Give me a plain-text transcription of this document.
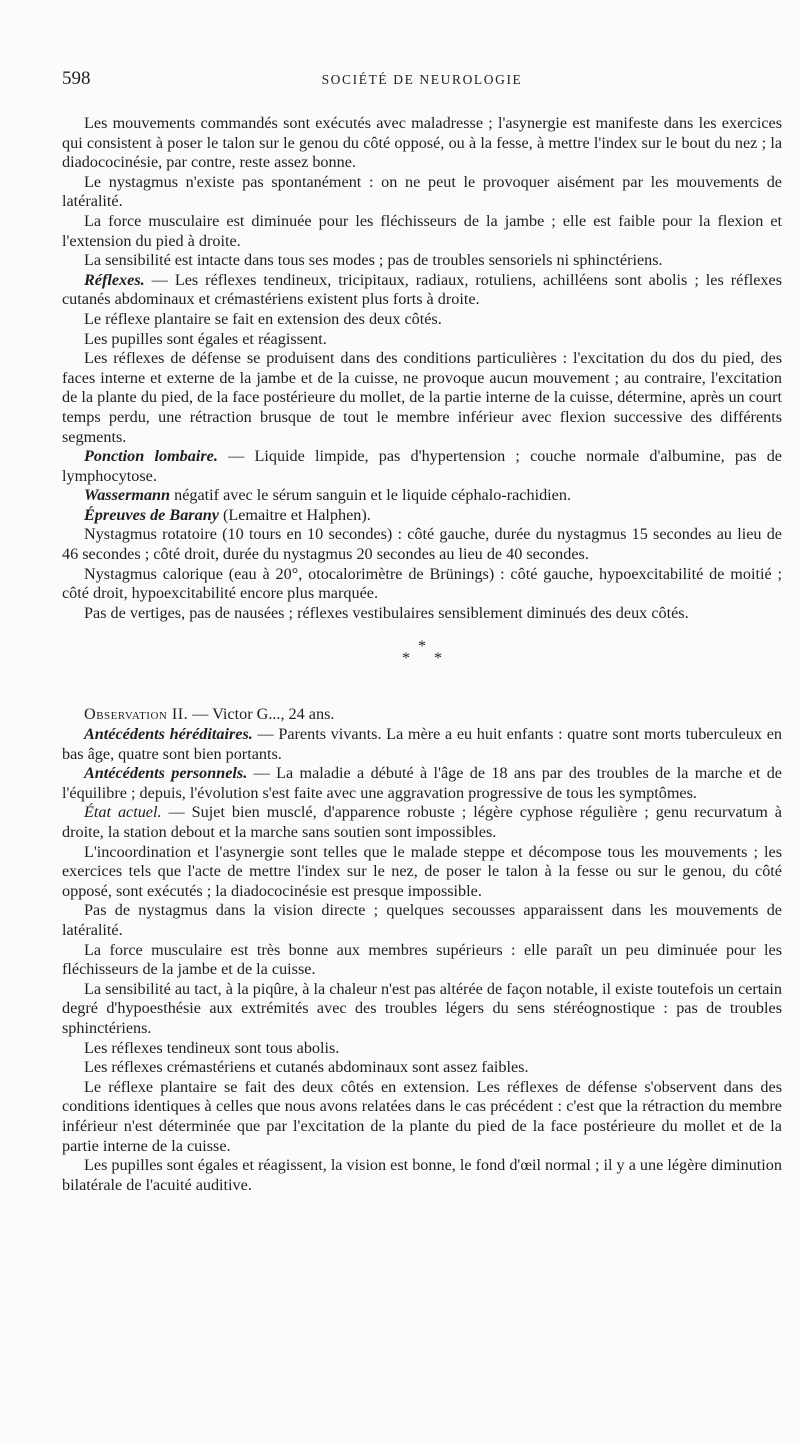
598	SOCIÉTÉ DE NEUROLOGIE

Les mouvements commandés sont exécutés avec maladresse ; l'asynergie est manifeste dans les exercices qui consistent à poser le talon sur le genou du côté opposé, ou à la fesse, à mettre l'index sur le bout du nez ; la diadococinésie, par contre, reste assez bonne.

Le nystagmus n'existe pas spontanément : on ne peut le provoquer aisément par les mouvements de latéralité.

La force musculaire est diminuée pour les fléchisseurs de la jambe ; elle est faible pour la flexion et l'extension du pied à droite.

La sensibilité est intacte dans tous ses modes ; pas de troubles sensoriels ni sphinctériens.

Réflexes. — Les réflexes tendineux, tricipitaux, radiaux, rotuliens, achilléens sont abolis ; les réflexes cutanés abdominaux et crémastériens existent plus forts à droite.

Le réflexe plantaire se fait en extension des deux côtés.

Les pupilles sont égales et réagissent.

Les réflexes de défense se produisent dans des conditions particulières : l'excitation du dos du pied, des faces interne et externe de la jambe et de la cuisse, ne provoque aucun mouvement ; au contraire, l'excitation de la plante du pied, de la face postérieure du mollet, de la partie interne de la cuisse, détermine, après un court temps perdu, une rétraction brusque de tout le membre inférieur avec flexion successive des différents segments.

Ponction lombaire. — Liquide limpide, pas d'hypertension ; couche normale d'albumine, pas de lymphocytose.

Wassermann négatif avec le sérum sanguin et le liquide céphalo-rachidien.

Épreuves de Barany (Lemaitre et Halphen).

Nystagmus rotatoire (10 tours en 10 secondes) : côté gauche, durée du nystagmus 15 secondes au lieu de 46 secondes ; côté droit, durée du nystagmus 20 secondes au lieu de 40 secondes.

Nystagmus calorique (eau à 20°, otocalorimètre de Brünings) : côté gauche, hypoexcitabilité de moitié ; côté droit, hypoexcitabilité encore plus marquée.

Pas de vertiges, pas de nausées ; réflexes vestibulaires sensiblement diminués des deux côtés.

*
* *

Observation II. — Victor G..., 24 ans.

Antécédents héréditaires. — Parents vivants. La mère a eu huit enfants : quatre sont morts tuberculeux en bas âge, quatre sont bien portants.

Antécédents personnels. — La maladie a débuté à l'âge de 18 ans par des troubles de la marche et de l'équilibre ; depuis, l'évolution s'est faite avec une aggravation progressive de tous les symptômes.

État actuel. — Sujet bien musclé, d'apparence robuste ; légère cyphose régulière ; genu recurvatum à droite, la station debout et la marche sans soutien sont impossibles.

L'incoordination et l'asynergie sont telles que le malade steppe et décompose tous les mouvements ; les exercices tels que l'acte de mettre l'index sur le nez, de poser le talon à la fesse ou sur le genou, du côté opposé, sont exécutés ; la diadococinésie est presque impossible.

Pas de nystagmus dans la vision directe ; quelques secousses apparaissent dans les mouvements de latéralité.

La force musculaire est très bonne aux membres supérieurs : elle paraît un peu diminuée pour les fléchisseurs de la jambe et de la cuisse.

La sensibilité au tact, à la piqûre, à la chaleur n'est pas altérée de façon notable, il existe toutefois un certain degré d'hypoesthésie aux extrémités avec des troubles légers du sens stéréognostique : pas de troubles sphinctériens.

Les réflexes tendineux sont tous abolis.

Les réflexes crémastériens et cutanés abdominaux sont assez faibles.

Le réflexe plantaire se fait des deux côtés en extension. Les réflexes de défense s'observent dans des conditions identiques à celles que nous avons relatées dans le cas précédent : c'est que la rétraction du membre inférieur n'est déterminée que par l'excitation de la plante du pied de la face postérieure du mollet et de la partie interne de la cuisse.

Les pupilles sont égales et réagissent, la vision est bonne, le fond d'œil normal ; il y a une légère diminution bilatérale de l'acuité auditive.
